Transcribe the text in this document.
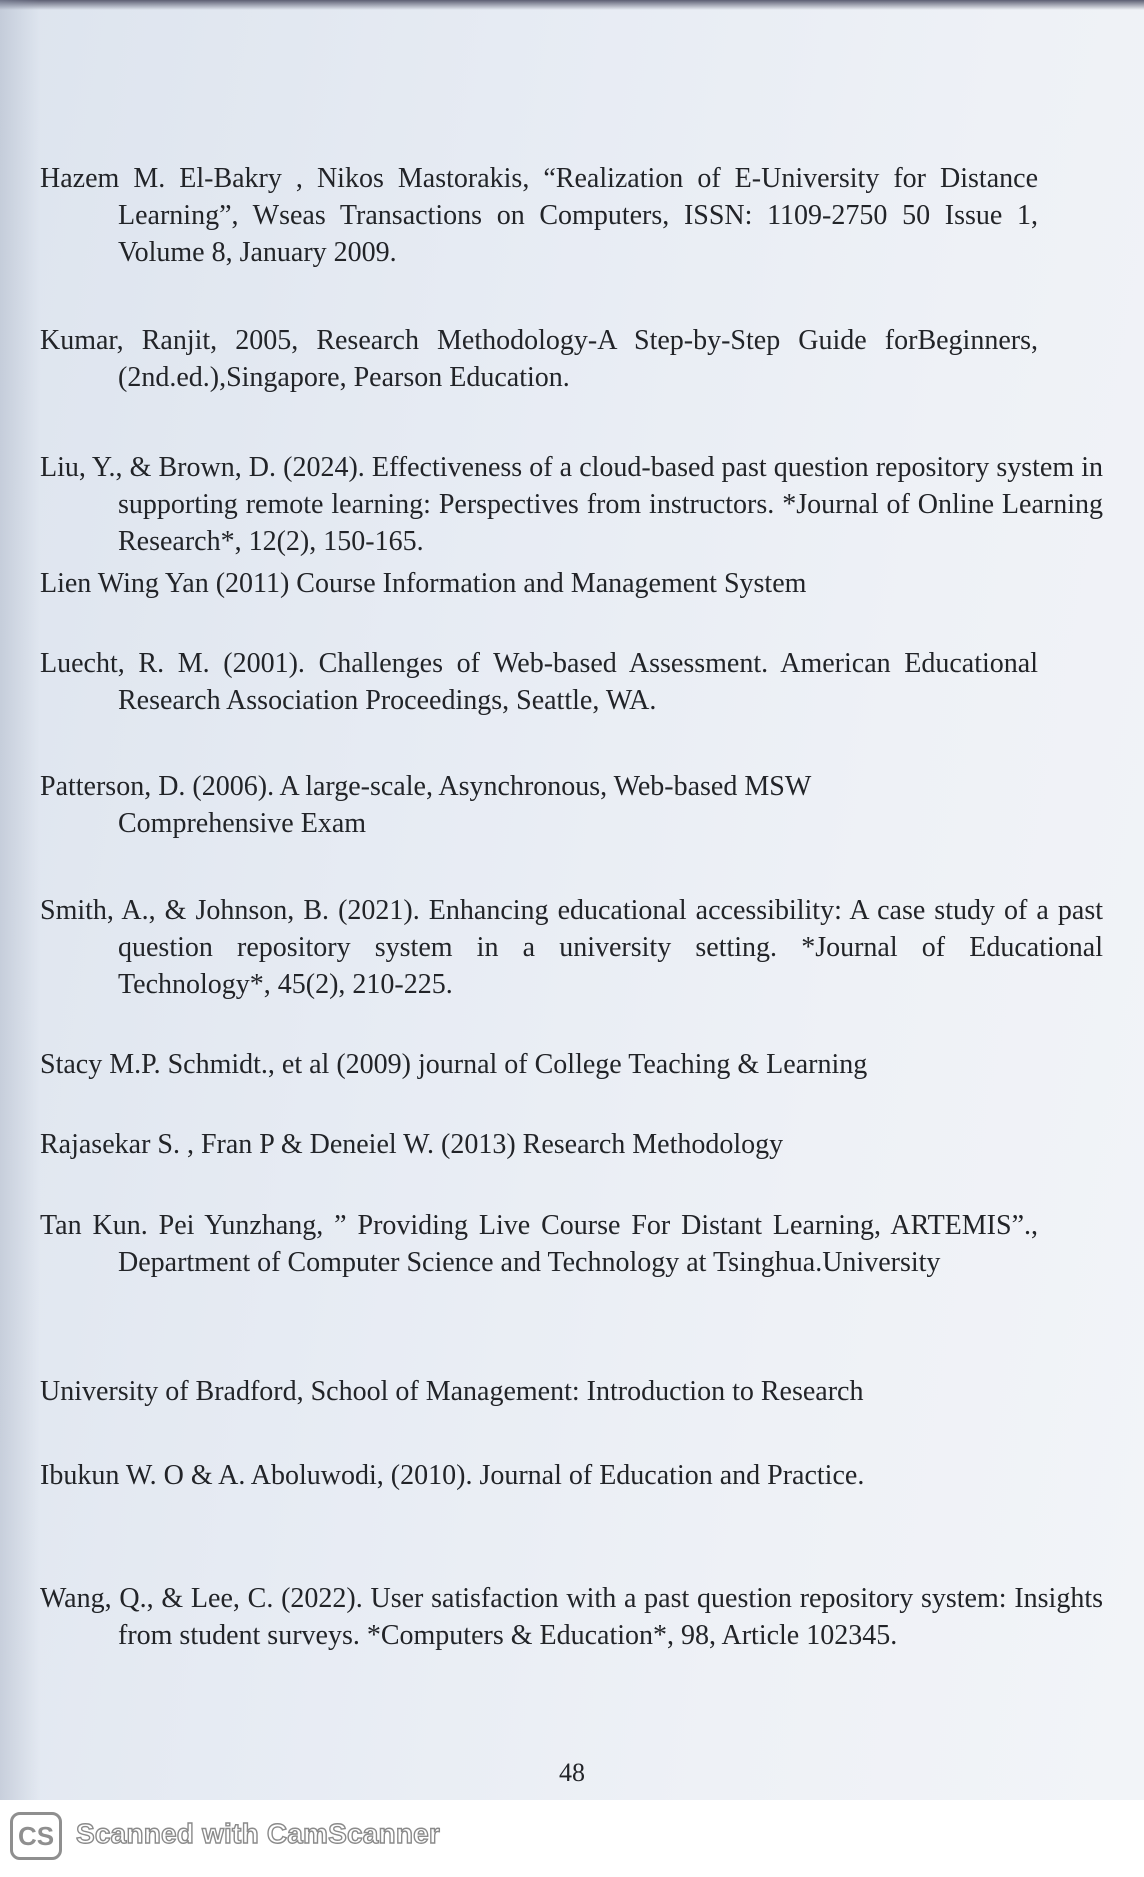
Hazem M. El-Bakry , Nikos Mastorakis, “Realization of E-University for Distance Learning”, Wseas Transactions on Computers, ISSN: 1109-2750 50 Issue 1, Volume 8, January 2009.

Kumar, Ranjit, 2005, Research Methodology-A Step-by-Step Guide forBeginners,(2nd.ed.),Singapore, Pearson Education.

Liu, Y., & Brown, D. (2024). Effectiveness of a cloud-based past question repository system in supporting remote learning: Perspectives from instructors. *Journal of Online Learning Research*, 12(2), 150-165.

Lien Wing Yan (2011) Course Information and Management System

Luecht, R. M. (2001). Challenges of Web-based Assessment. American Educational Research Association Proceedings, Seattle, WA.

Patterson, D. (2006). A large-scale, Asynchronous, Web-based MSW Comprehensive Exam

Smith, A., & Johnson, B. (2021). Enhancing educational accessibility: A case study of a past question repository system in a university setting. *Journal of Educational Technology*, 45(2), 210-225.

Stacy M.P. Schmidt., et al (2009) journal of College Teaching & Learning

Rajasekar S. , Fran P & Deneiel W. (2013) Research Methodology

Tan Kun. Pei Yunzhang, ” Providing Live Course For Distant Learning, ARTEMIS”., Department of Computer Science and Technology at Tsinghua.University

University of Bradford, School of Management: Introduction to Research

Ibukun W. O & A. Aboluwodi, (2010). Journal of Education and Practice.

Wang, Q., & Lee, C. (2022). User satisfaction with a past question repository system: Insights from student surveys. *Computers & Education*, 98, Article 102345.

48
CS Scanned with CamScanner
